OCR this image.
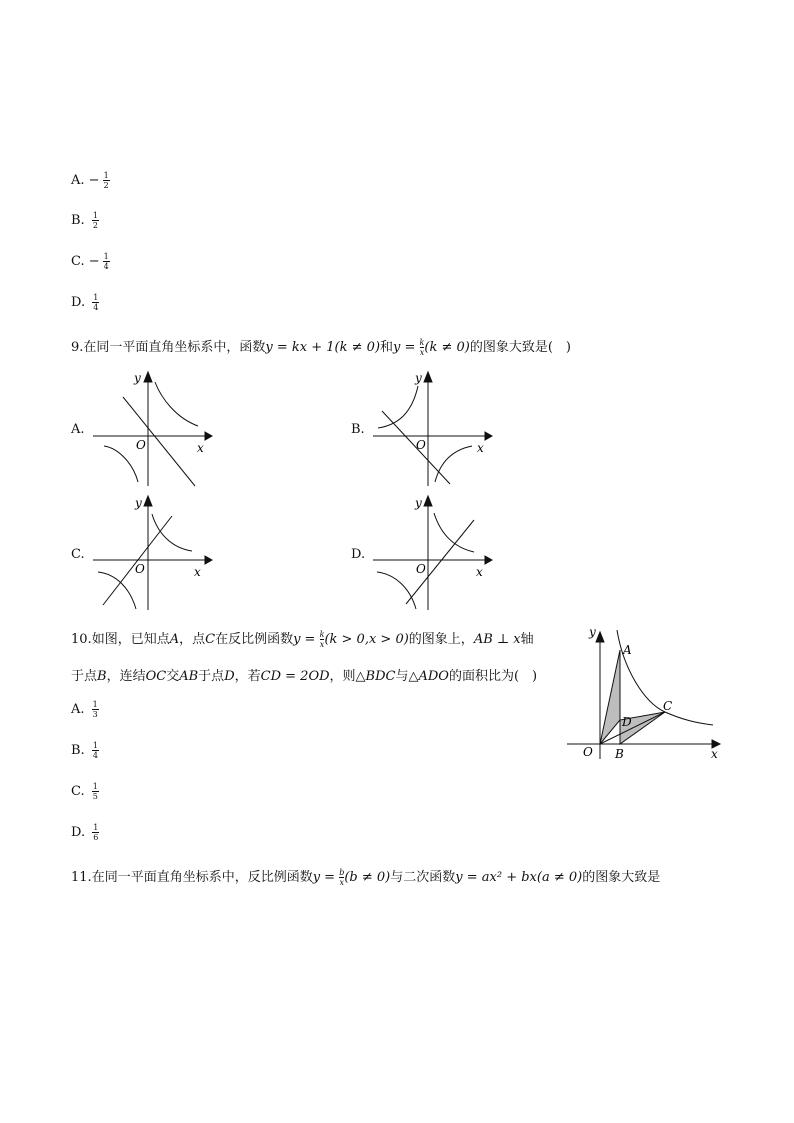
A. − $\frac{1}{2}$
B. $\frac{1}{2}$
C. − $\frac{1}{4}$
D. $\frac{1}{4}$
9.在同一平面直角坐标系中，函数y = kx + 1(k ≠ 0)和$y = \frac{k}{x} (k \ne 0)$的图象大致是(　)
A.	B.
C.	D.
y
x
O
y
x
O
y
x
O
y
x
O
10.如图，已知点A，点C在反比例函数$y = \frac{k}{x} (k > 0,x > 0)$的图象上，AB ⊥ x轴
于点B，连结OC交AB于点D，若CD = 2OD，则△BDC与△ADO的面积比为(　)
A. $\frac{1}{3}$
B. $\frac{1}{4}$
C. $\frac{1}{5}$
D. $\frac{1}{6}$
y
x
O
A
B
C
D
11.在同一平面直角坐标系中，反比例函数$y = \frac{b}{x} (b \ne 0)$与二次函数y = ax² + bx(a ≠ 0)的图象大致是
